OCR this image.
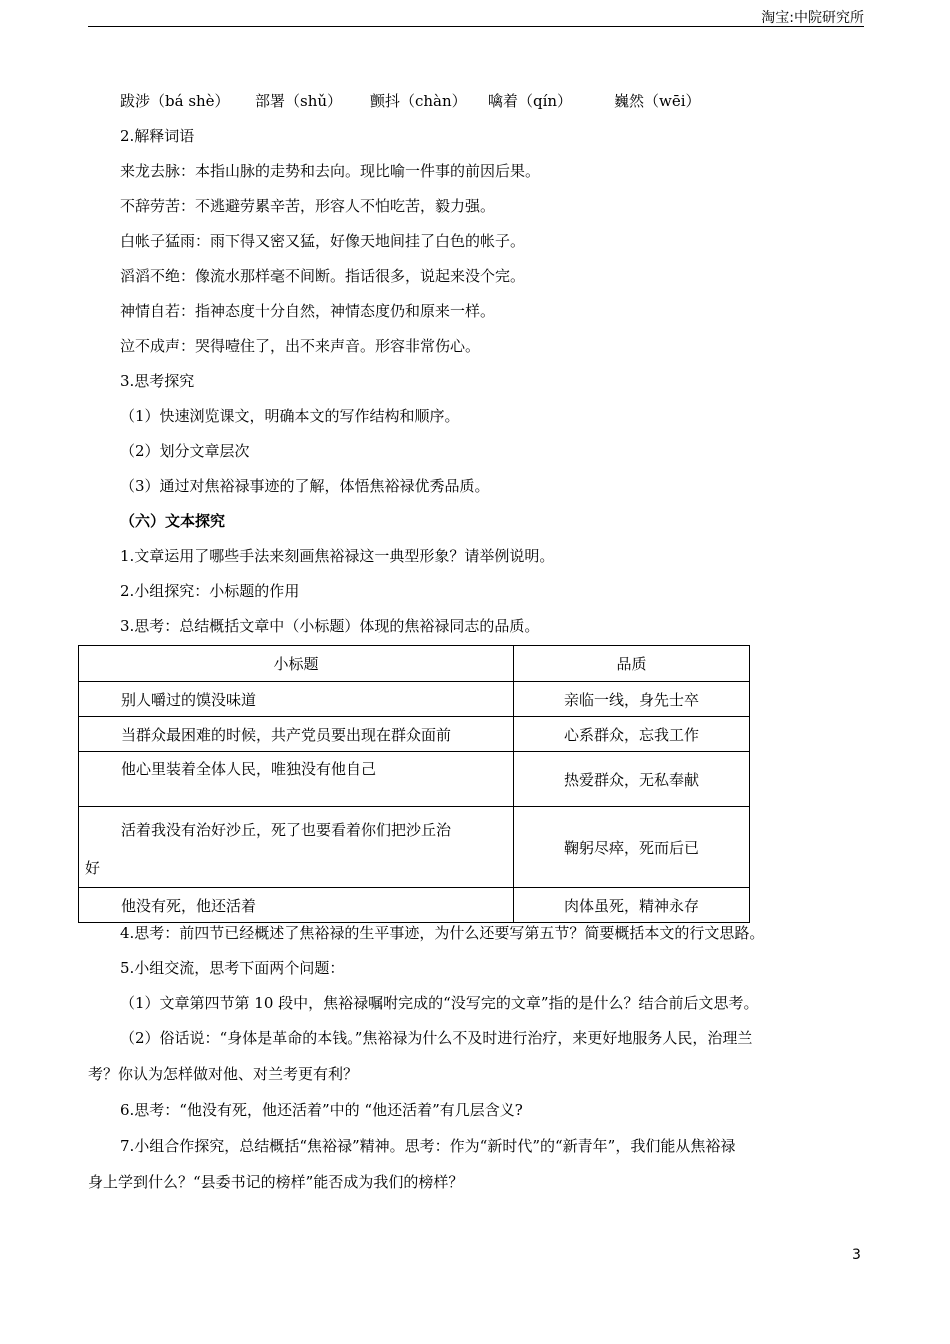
淘宝:中院研究所
跋涉（bá shè） 部署（shǔ） 颤抖（chàn） 噙着（qín）	巍然（wēi）
2.解释词语
来龙去脉：本指山脉的走势和去向。现比喻一件事的前因后果。
不辞劳苦：不逃避劳累辛苦，形容人不怕吃苦，毅力强。
白帐子猛雨：雨下得又密又猛，好像天地间挂了白色的帐子。
滔滔不绝：像流水那样毫不间断。指话很多，说起来没个完。
神情自若：指神态度十分自然，神情态度仍和原来一样。
泣不成声：哭得噎住了，出不来声音。形容非常伤心。
3.思考探究
（1）快速浏览课文，明确本文的写作结构和顺序。
（2）划分文章层次
（3）通过对焦裕禄事迹的了解，体悟焦裕禄优秀品质。
（六）文本探究
1.文章运用了哪些手法来刻画焦裕禄这一典型形象？请举例说明。
2.小组探究：小标题的作用
3.思考：总结概括文章中（小标题）体现的焦裕禄同志的品质。
小标题	品质
别人嚼过的馍没味道	亲临一线，身先士卒
当群众最困难的时候，共产党员要出现在群众面前	心系群众，忘我工作
他心里装着全体人民，唯独没有他自己	热爱群众，无私奉献

活着我没有治好沙丘，死了也要看着你们把沙丘治
好	鞠躬尽瘁，死而后已
他没有死，他还活着	肉体虽死，精神永存
4.思考：前四节已经概述了焦裕禄的生平事迹，为什么还要写第五节？简要概括本文的行文思路。
5.小组交流，思考下面两个问题：
（1）文章第四节第 10 段中，焦裕禄嘱咐完成的“没写完的文章”指的是什么？结合前后文思考。
（2）俗话说：“身体是革命的本钱。”焦裕禄为什么不及时进行治疗，来更好地服务人民，治理兰
考？你认为怎样做对他、对兰考更有利？
6.思考：“他没有死，他还活着”中的 “他还活着”有几层含义?
7.小组合作探究，总结概括“焦裕禄”精神。思考：作为“新时代”的“新青年”，我们能从焦裕禄
身上学到什么？“县委书记的榜样”能否成为我们的榜样？
3
